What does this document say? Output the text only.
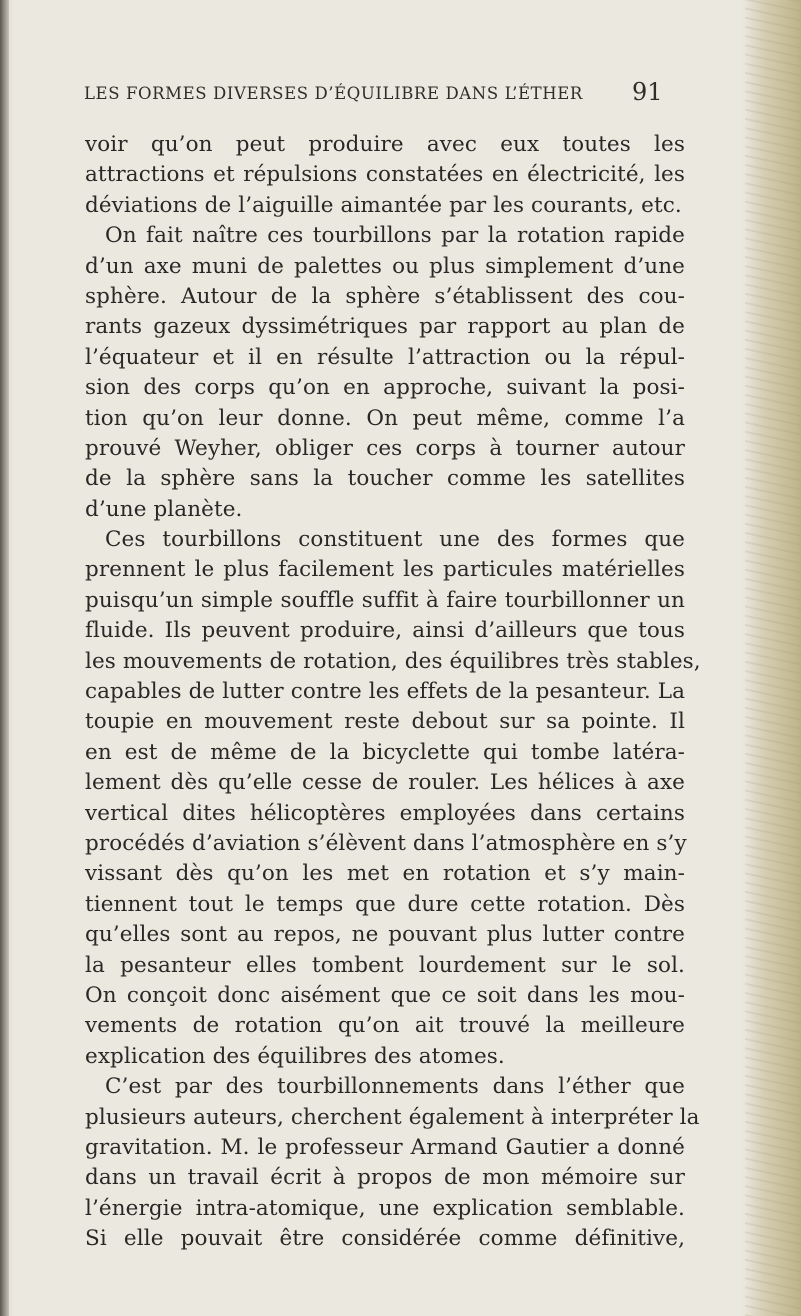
LES FORMES DIVERSES D’ÉQUILIBRE DANS L’ÉTHER	91
voir qu’on peut produire avec eux toutes les
attractions et répulsions constatées en électricité, les
déviations de l’aiguille aimantée par les courants, etc.
On fait naître ces tourbillons par la rotation rapide
d’un axe muni de palettes ou plus simplement d’une
sphère. Autour de la sphère s’établissent des cou-
rants gazeux dyssimétriques par rapport au plan de
l’équateur et il en résulte l’attraction ou la répul-
sion des corps qu’on en approche, suivant la posi-
tion qu’on leur donne. On peut même, comme l’a
prouvé Weyher, obliger ces corps à tourner autour
de la sphère sans la toucher comme les satellites
d’une planète.
Ces tourbillons constituent une des formes que
prennent le plus facilement les particules matérielles
puisqu’un simple souffle suffit à faire tourbillonner un
fluide. Ils peuvent produire, ainsi d’ailleurs que tous
les mouvements de rotation, des équilibres très stables,
capables de lutter contre les effets de la pesanteur. La
toupie en mouvement reste debout sur sa pointe. Il
en est de même de la bicyclette qui tombe latéra-
lement dès qu’elle cesse de rouler. Les hélices à axe
vertical dites hélicoptères employées dans certains
procédés d’aviation s’élèvent dans l’atmosphère en s’y
vissant dès qu’on les met en rotation et s’y main-
tiennent tout le temps que dure cette rotation. Dès
qu’elles sont au repos, ne pouvant plus lutter contre
la pesanteur elles tombent lourdement sur le sol.
On conçoit donc aisément que ce soit dans les mou-
vements de rotation qu’on ait trouvé la meilleure
explication des équilibres des atomes.
C’est par des tourbillonnements dans l’éther que
plusieurs auteurs, cherchent également à interpréter la
gravitation. M. le professeur Armand Gautier a donné
dans un travail écrit à propos de mon mémoire sur
l’énergie intra-atomique, une explication semblable.
Si elle pouvait être considérée comme définitive,
